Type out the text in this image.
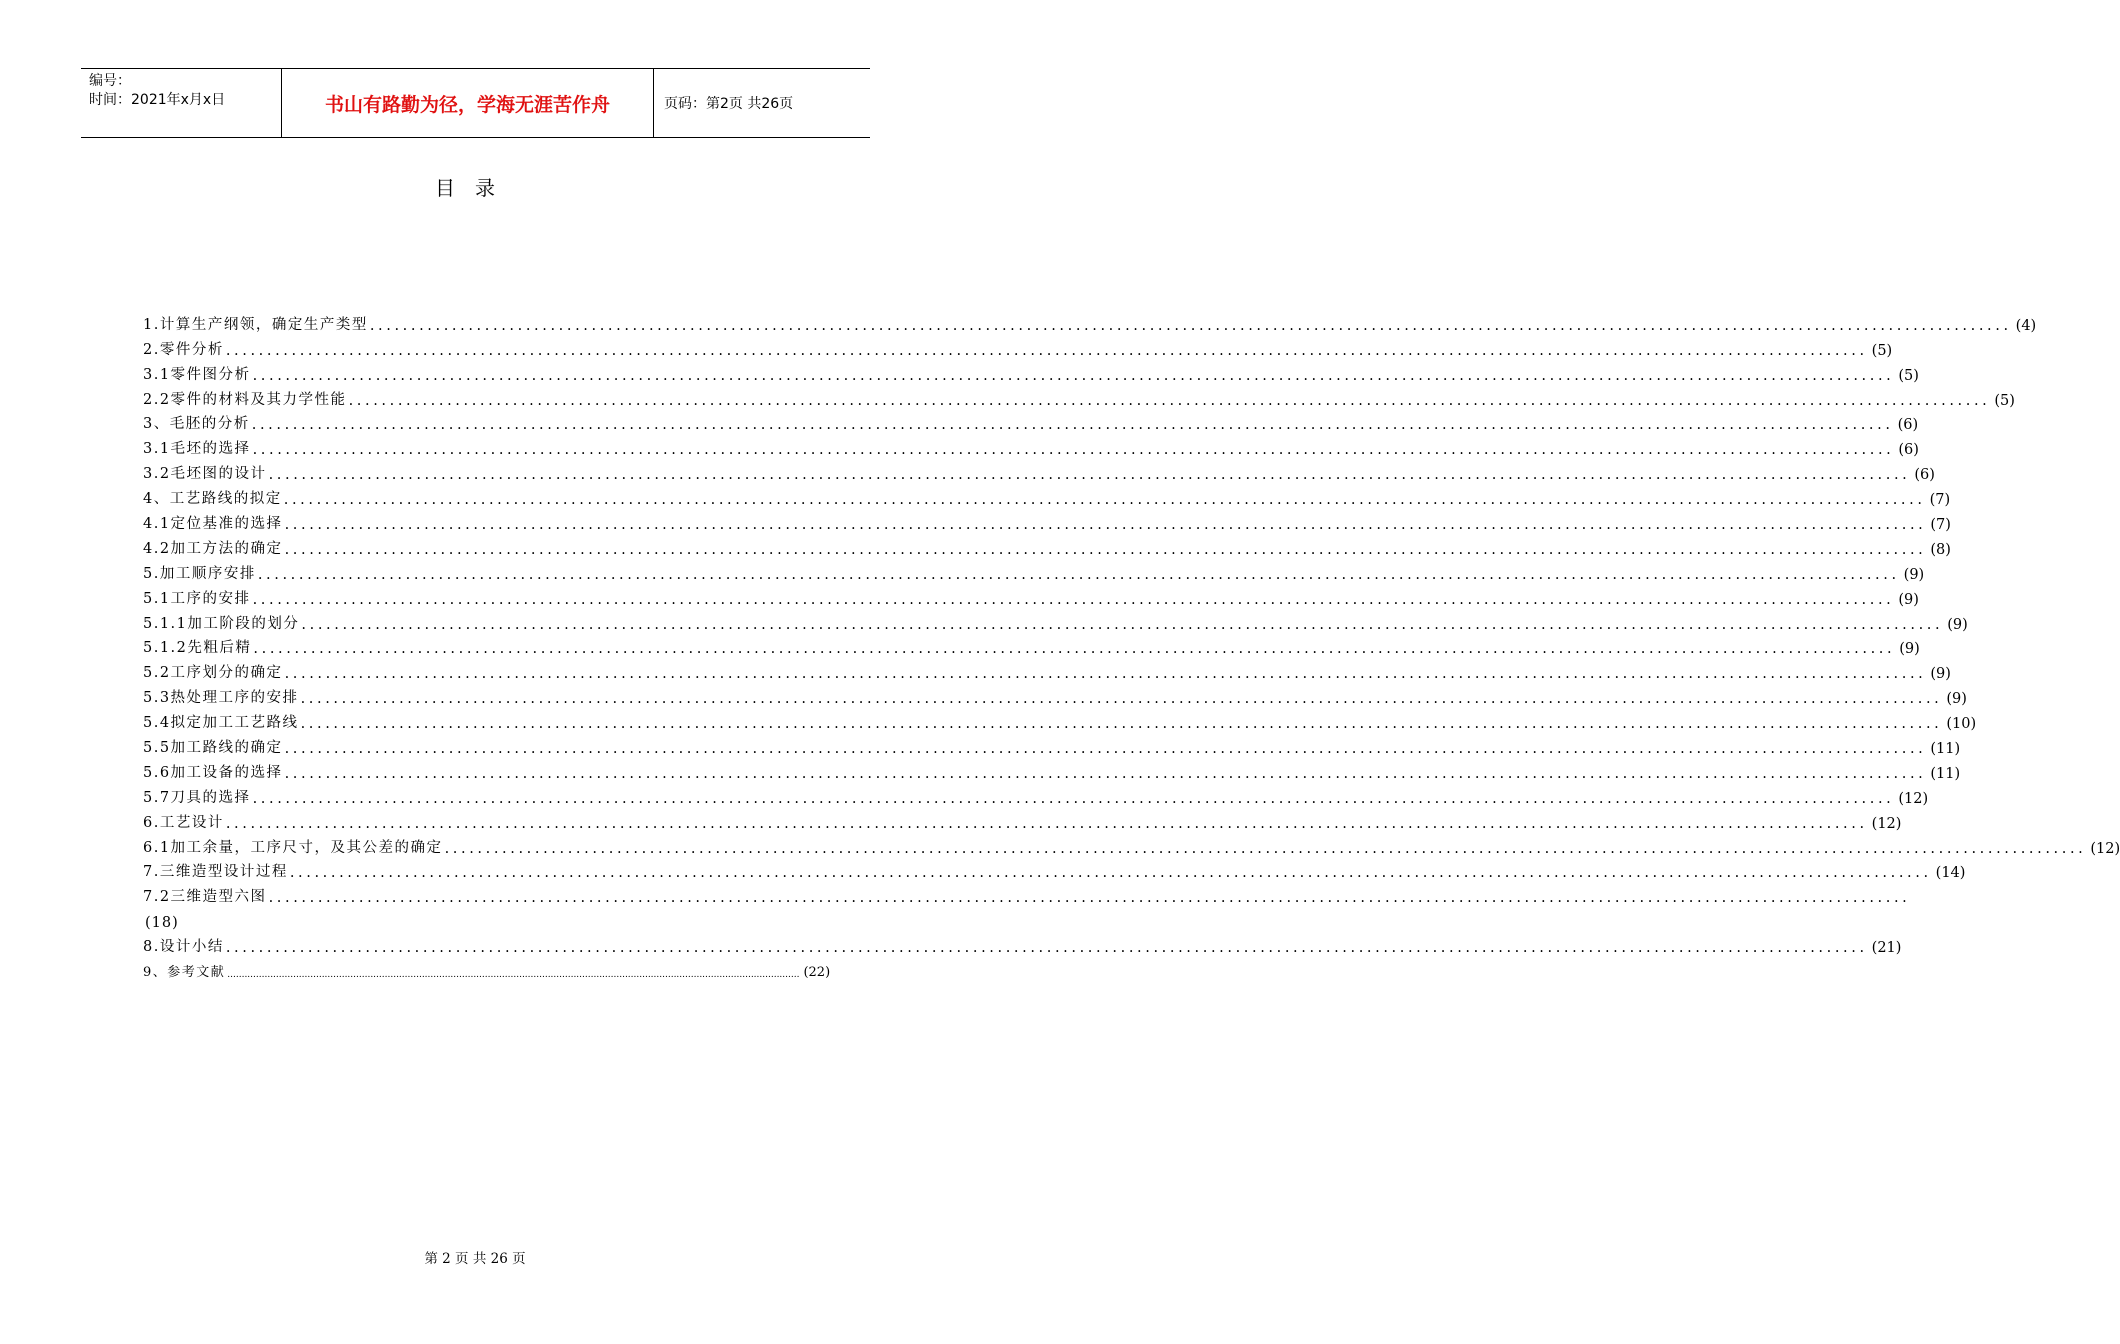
编号：
时间：2021年x月x日	书山有路勤为径，学海无涯苦作舟	页码：第2页 共26页
目录
1.计算生产纲领，确定生产类型 ........................................................................................................................................................................................................ (4)
2.零件分析 ........................................................................................................................................................................................................ (5)
3.1零件图分析 ........................................................................................................................................................................................................ (5)
2.2零件的材料及其力学性能 ........................................................................................................................................................................................................ (5)
3、毛胚的分析 ........................................................................................................................................................................................................ (6)
3.1毛坯的选择 ........................................................................................................................................................................................................ (6)
3.2毛坯图的设计 ........................................................................................................................................................................................................ (6)
4、工艺路线的拟定 ........................................................................................................................................................................................................ (7)
4.1定位基准的选择 ........................................................................................................................................................................................................ (7)
4.2加工方法的确定 ........................................................................................................................................................................................................ (8)
5.加工顺序安排 ........................................................................................................................................................................................................ (9)
5.1工序的安排 ........................................................................................................................................................................................................ (9)
5.1.1加工阶段的划分 ........................................................................................................................................................................................................ (9)
5.1.2先粗后精 ........................................................................................................................................................................................................ (9)
5.2工序划分的确定 ........................................................................................................................................................................................................ (9)
5.3热处理工序的安排 ........................................................................................................................................................................................................ (9)
5.4拟定加工工艺路线 ........................................................................................................................................................................................................ (10)
5.5加工路线的确定 ........................................................................................................................................................................................................ (11)
5.6加工设备的选择 ........................................................................................................................................................................................................ (11)
5.7刀具的选择 ........................................................................................................................................................................................................ (12)
6.工艺设计 ........................................................................................................................................................................................................ (12)
6.1加工余量，工序尺寸，及其公差的确定 ........................................................................................................................................................................................................ (12)
7.三维造型设计过程 ........................................................................................................................................................................................................ (14)
7.2三维造型六图 ........................................................................................................................................................................................................
(18)
8.设计小结 ........................................................................................................................................................................................................ (21)
9、参考文献 ........................................................................................................................................................................................................ (22)
第 2 页 共 26 页
